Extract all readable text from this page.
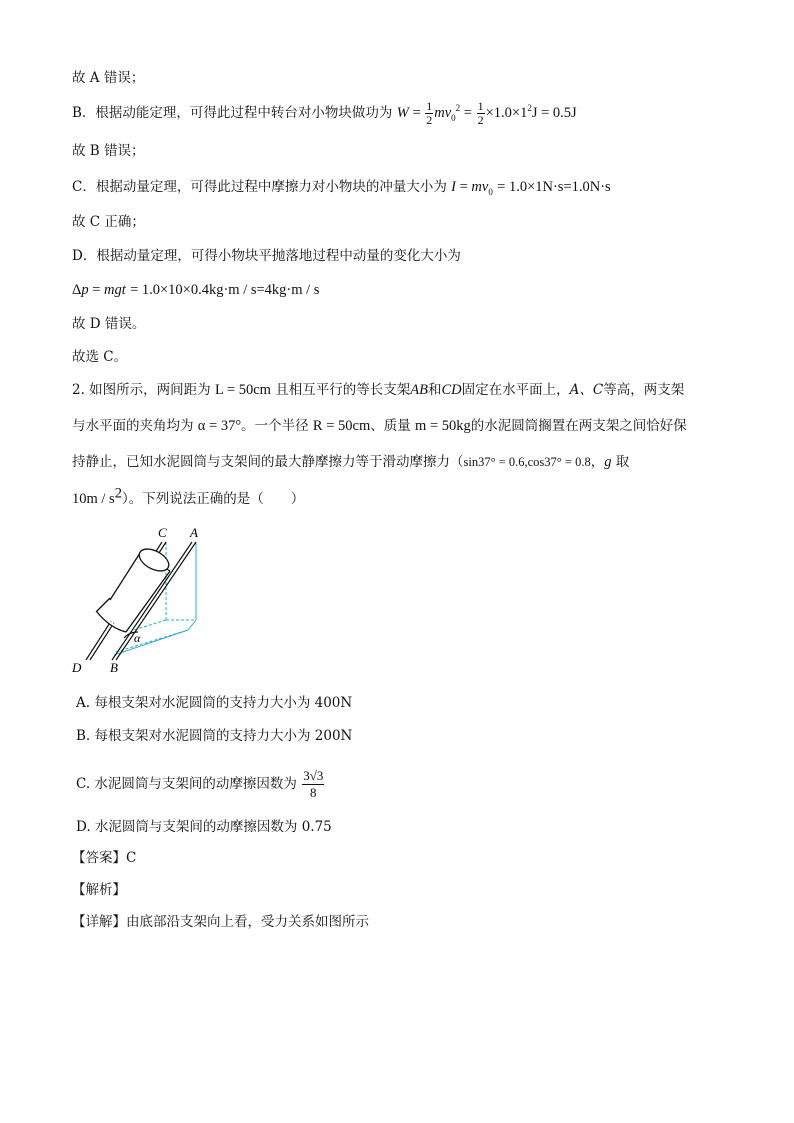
故 A 错误；
B．根据动能定理，可得此过程中转台对小物块做功为 $W = \frac{1}{2} mv_0^2 = \frac{1}{2} \times 1.0\times 1^2J = 0.5J$
故 B 错误；
C．根据动量定理，可得此过程中摩擦力对小物块的冲量大小为 $I = mv_0 = 1.0\times 1N\cdot s=1.0N\cdot s$
故 C 正确；
D．根据动量定理，可得小物块平抛落地过程中动量的变化大小为
Δp = mgt = 1.0×10×0.4kg·m / s=4kg·m / s
故 D 错误。
故选 C。
2. 如图所示，两间距为 L = 50cm 且相互平行的等长支架AB和CD固定在水平面上，A、C等高，两支架
与水平面的夹角均为 α = 37°。一个半径 R = 50cm、质量 m = 50kg的水泥圆筒搁置在两支架之间恰好保
持静止，已知水泥圆筒与支架间的最大静摩擦力等于滑动摩擦力（sin37° = 0.6,cos37° = 0.8，g 取
$10m / s^2$）。下列说法正确的是（　　）
C A
D B
α
A. 每根支架对水泥圆筒的支持力大小为 400N
B. 每根支架对水泥圆筒的支持力大小为 200N
C. 水泥圆筒与支架间的动摩擦因数为 $\frac{3√3}{8}$
D. 水泥圆筒与支架间的动摩擦因数为 0.75
【答案】C
【解析】
【详解】由底部沿支架向上看，受力关系如图所示
